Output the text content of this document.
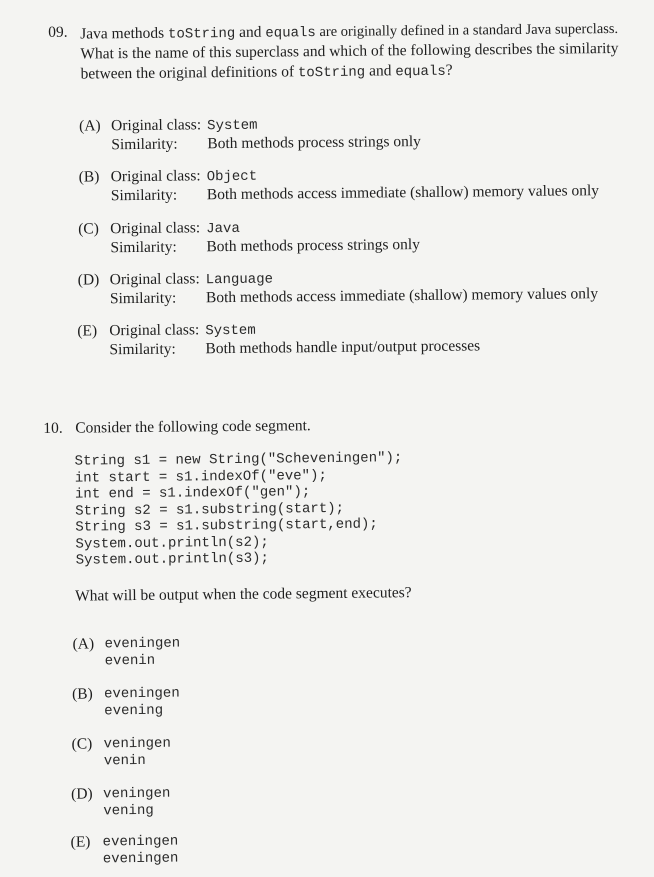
09. Java methods toString and equals are originally defined in a standard Java superclass.
What is the name of this superclass and which of the following describes the similarity
between the original definitions of toString and equals?
(A) Original class: System
Similarity: Both methods process strings only
(B) Original class: Object
Similarity: Both methods access immediate (shallow) memory values only
(C) Original class: Java
Similarity: Both methods process strings only
(D) Original class: Language
Similarity: Both methods access immediate (shallow) memory values only
(E) Original class: System
Similarity: Both methods handle input/output processes
10. Consider the following code segment.
String s1 = new String("Scheveningen");
int start = s1.indexOf("eve");
int end = s1.indexOf("gen");
String s2 = s1.substring(start);
String s3 = s1.substring(start,end);
System.out.println(s2);
System.out.println(s3);
What will be output when the code segment executes?
(A) eveningen
evenin
(B) eveningen
evening
(C) veningen
venin
(D) veningen
vening
(E) eveningen
eveningen
